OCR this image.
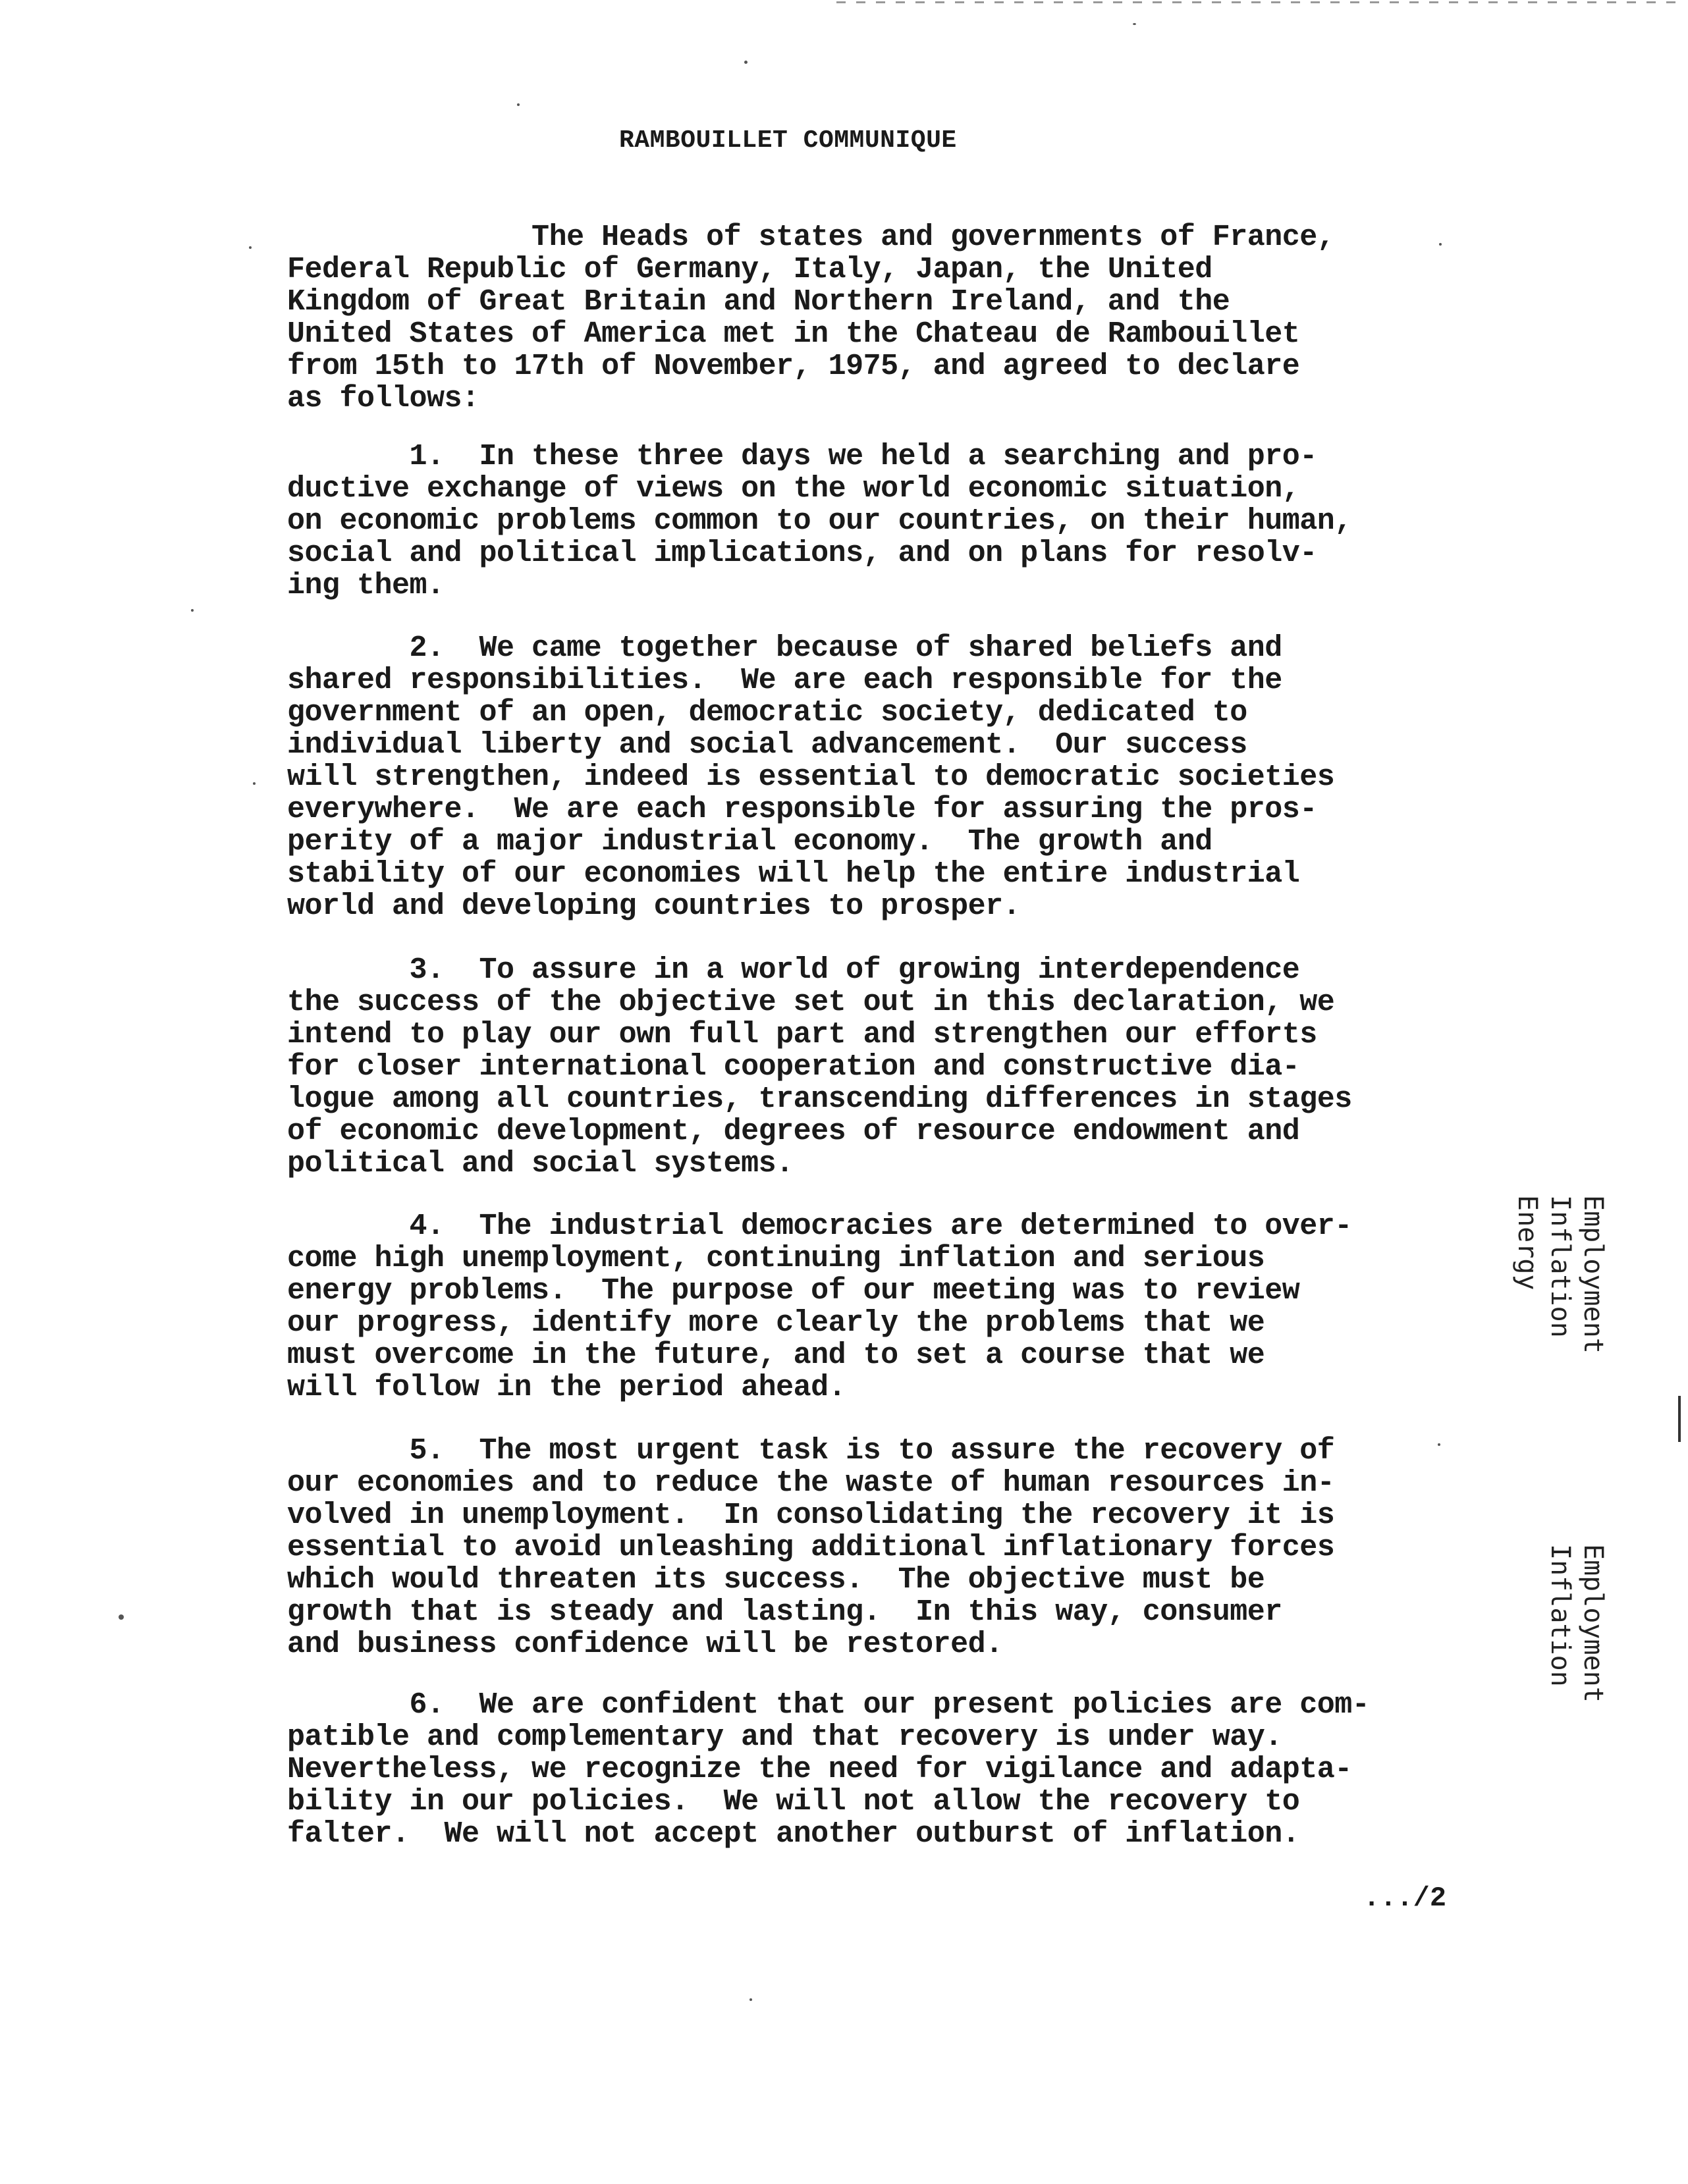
RAMBOUILLET COMMUNIQUE

The Heads of states and governments of France,
Federal Republic of Germany, Italy, Japan, the United
Kingdom of Great Britain and Northern Ireland, and the
United States of America met in the Chateau de Rambouillet
from 15th to 17th of November, 1975, and agreed to declare
as follows:

1.  In these three days we held a searching and pro-
ductive exchange of views on the world economic situation,
on economic problems common to our countries, on their human,
social and political implications, and on plans for resolv-
ing them.

2.  We came together because of shared beliefs and
shared responsibilities.  We are each responsible for the
government of an open, democratic society, dedicated to
individual liberty and social advancement.  Our success
will strengthen, indeed is essential to democratic societies
everywhere.  We are each responsible for assuring the pros-
perity of a major industrial economy.  The growth and
stability of our economies will help the entire industrial
world and developing countries to prosper.

3.  To assure in a world of growing interdependence
the success of the objective set out in this declaration, we
intend to play our own full part and strengthen our efforts
for closer international cooperation and constructive dia-
logue among all countries, transcending differences in stages
of economic development, degrees of resource endowment and
political and social systems.

4.  The industrial democracies are determined to over-
come high unemployment, continuing inflation and serious
energy problems.  The purpose of our meeting was to review
our progress, identify more clearly the problems that we
must overcome in the future, and to set a course that we
will follow in the period ahead.

5.  The most urgent task is to assure the recovery of
our economies and to reduce the waste of human resources in-
volved in unemployment.  In consolidating the recovery it is
essential to avoid unleashing additional inflationary forces
which would threaten its success.  The objective must be
growth that is steady and lasting.  In this way, consumer
and business confidence will be restored.

6.  We are confident that our present policies are com-
patible and complementary and that recovery is under way.
Nevertheless, we recognize the need for vigilance and adapta-
bility in our policies.  We will not allow the recovery to
falter.  We will not accept another outburst of inflation.

Employment
Inflation
Energy
Employment
Inflation
.../2
